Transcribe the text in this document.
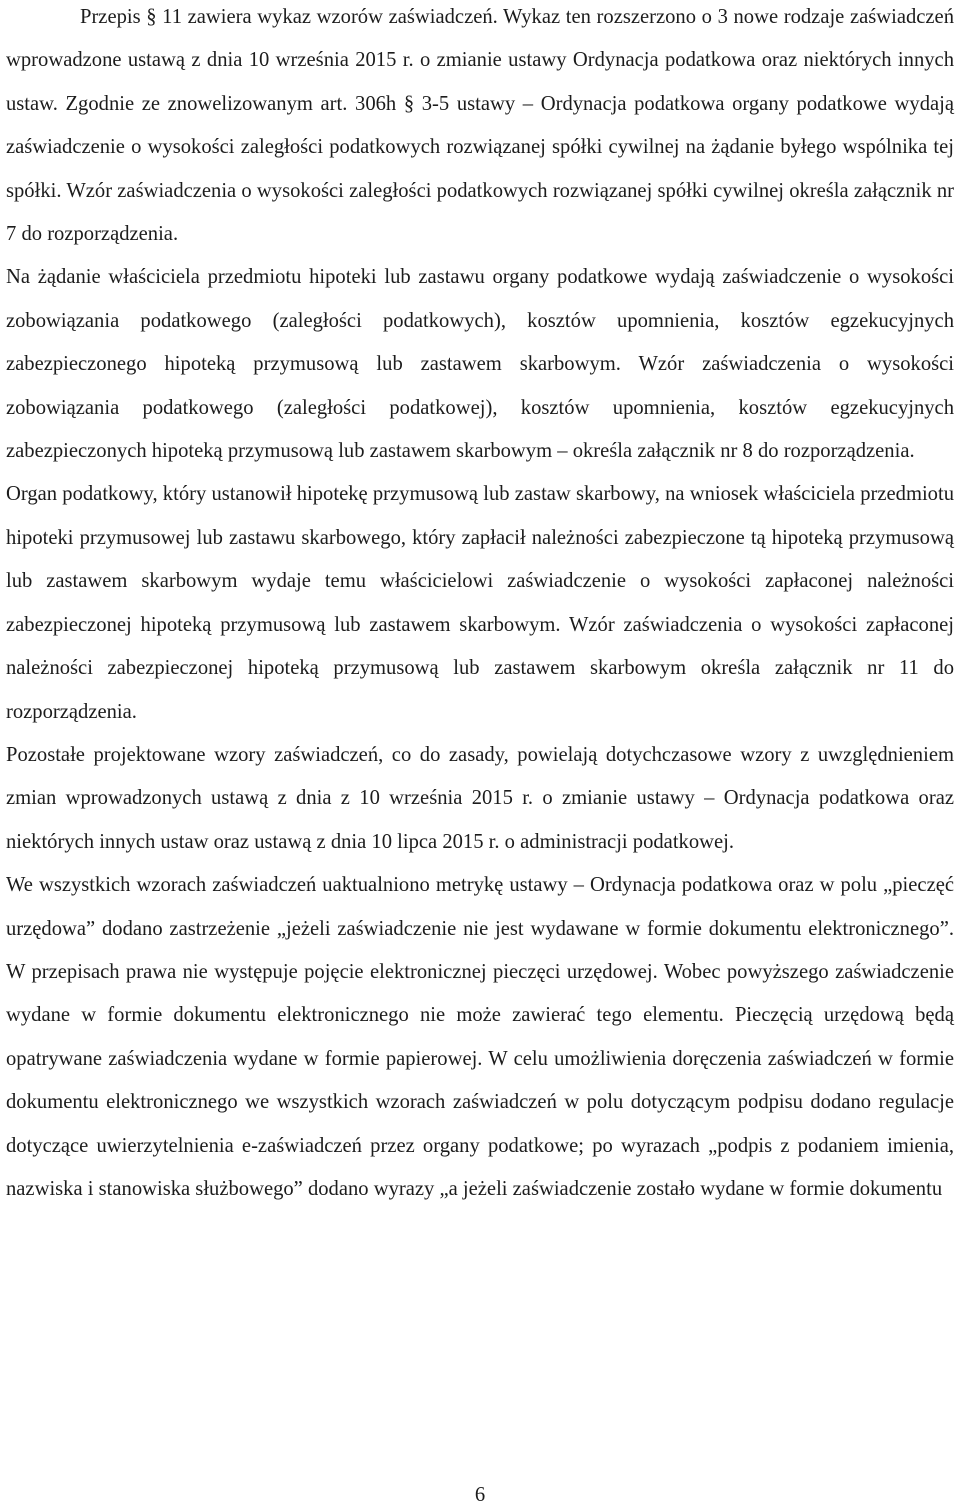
Przepis § 11 zawiera wykaz wzorów zaświadczeń. Wykaz ten rozszerzono o 3 nowe rodzaje zaświadczeń wprowadzone ustawą z dnia 10 września 2015 r. o zmianie ustawy Ordynacja podatkowa oraz niektórych innych ustaw. Zgodnie ze znowelizowanym art. 306h § 3-5 ustawy – Ordynacja podatkowa organy podatkowe wydają zaświadczenie o wysokości zaległości podatkowych rozwiązanej spółki cywilnej na żądanie byłego wspólnika tej spółki. Wzór zaświadczenia o wysokości zaległości podatkowych rozwiązanej spółki cywilnej określa załącznik nr 7 do rozporządzenia.

Na żądanie właściciela przedmiotu hipoteki lub zastawu organy podatkowe wydają zaświadczenie o wysokości zobowiązania podatkowego (zaległości podatkowych), kosztów upomnienia, kosztów egzekucyjnych zabezpieczonego hipoteką przymusową lub zastawem skarbowym. Wzór zaświadczenia o wysokości zobowiązania podatkowego (zaległości podatkowej), kosztów upomnienia, kosztów egzekucyjnych zabezpieczonych hipoteką przymusową lub zastawem skarbowym – określa załącznik nr 8 do rozporządzenia.

Organ podatkowy, który ustanowił hipotekę przymusową lub zastaw skarbowy, na wniosek właściciela przedmiotu hipoteki przymusowej lub zastawu skarbowego, który zapłacił należności zabezpieczone tą hipoteką przymusową lub zastawem skarbowym wydaje temu właścicielowi zaświadczenie o wysokości zapłaconej należności zabezpieczonej hipoteką przymusową lub zastawem skarbowym. Wzór zaświadczenia o wysokości zapłaconej należności zabezpieczonej hipoteką przymusową lub zastawem skarbowym określa załącznik nr 11 do rozporządzenia.

Pozostałe projektowane wzory zaświadczeń, co do zasady, powielają dotychczasowe wzory z uwzględnieniem zmian wprowadzonych ustawą z dnia z 10 września 2015 r. o zmianie ustawy – Ordynacja podatkowa oraz niektórych innych ustaw oraz ustawą z dnia 10 lipca 2015 r. o administracji podatkowej.

We wszystkich wzorach zaświadczeń uaktualniono metrykę ustawy – Ordynacja podatkowa oraz w polu „pieczęć urzędowa” dodano zastrzeżenie „jeżeli zaświadczenie nie jest wydawane w formie dokumentu elektronicznego”. W przepisach prawa nie występuje pojęcie elektronicznej pieczęci urzędowej. Wobec powyższego zaświadczenie wydane w formie dokumentu elektronicznego nie może zawierać tego elementu. Pieczęcią urzędową będą opatrywane zaświadczenia wydane w formie papierowej. W celu umożliwienia doręczenia zaświadczeń w formie dokumentu elektronicznego we wszystkich wzorach zaświadczeń w polu dotyczącym podpisu dodano regulacje dotyczące uwierzytelnienia e-zaświadczeń przez organy podatkowe; po wyrazach „podpis z podaniem imienia, nazwiska i stanowiska służbowego” dodano wyrazy „a jeżeli zaświadczenie zostało wydane w formie dokumentu

6
